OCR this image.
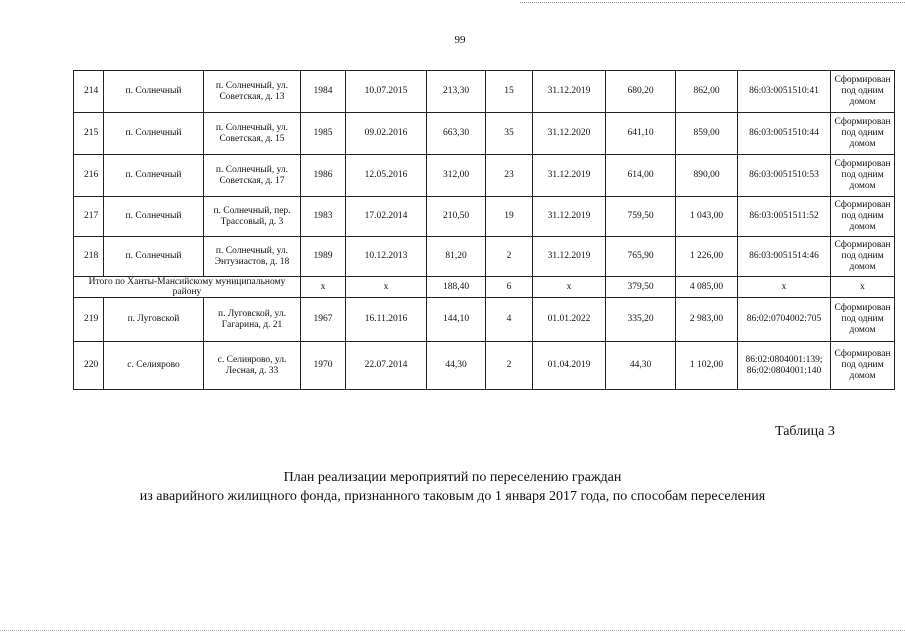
99
214	п. Солнечный	п. Солнечный, ул. Советская, д. 13	1984	10.07.2015	213,30	15	31.12.2019	680,20	862,00	86:03:0051510:41	Сформирован под одним домом
215	п. Солнечный	п. Солнечный, ул. Советская, д. 15	1985	09.02.2016	663,30	35	31.12.2020	641,10	859,00	86:03:0051510:44	Сформирован под одним домом
216	п. Солнечный	п. Солнечный, ул. Советская, д. 17	1986	12.05.2016	312,00	23	31.12.2019	614,00	890,00	86:03:0051510:53	Сформирован под одним домом
217	п. Солнечный	п. Солнечный, пер. Трассовый, д. 3	1983	17.02.2014	210,50	19	31.12.2019	759,50	1 043,00	86:03:0051511:52	Сформирован под одним домом
218	п. Солнечный	п. Солнечный, ул. Энтузиастов, д. 18	1989	10.12.2013	81,20	2	31.12.2019	765,90	1 226,00	86:03:0051514:46	Сформирован под одним домом
Итого по Ханты-Мансийскому муниципальному району			x	x	188,40	6	x	379,50	4 085,00	x	x
219	п. Луговской	п. Луговской, ул. Гагарина, д. 21	1967	16.11.2016	144,10	4	01.01.2022	335,20	2 983,00	86:02:0704002:705	Сформирован под одним домом
220	с. Селиярово	с. Селиярово, ул. Лесная, д. 33	1970	22.07.2014	44,30	2	01.04.2019	44,30	1 102,00	86:02:0804001:139; 86:02:0804001:140	Сформирован под одним домом
Таблица 3
План реализации мероприятий по переселению граждан
из аварийного жилищного фонда, признанного таковым до 1 января 2017 года, по способам переселения
